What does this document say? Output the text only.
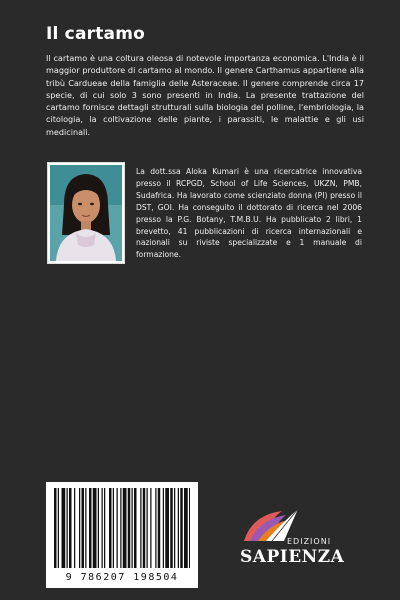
Il cartamo
Il cartamo è una coltura oleosa di notevole importanza economica. L'India è il maggior produttore di cartamo al mondo. Il genere Carthamus appartiene alla tribù Cardueae della famiglia delle Asteraceae. Il genere comprende circa 17 specie, di cui solo 3 sono presenti in India. La presente trattazione del cartamo fornisce dettagli strutturali sulla biologia del polline, l'embriologia, la citologia, la coltivazione delle piante, i parassiti, le malattie e gli usi medicinali.
La dott.ssa Aloka Kumari è una ricercatrice innovativa presso il RCPGD, School of Life Sciences, UKZN, PMB, Sudafrica. Ha lavorato come scienziato donna (PI) presso il DST, GOI. Ha conseguito il dottorato di ricerca nel 2006 presso la P.G. Botany, T.M.B.U. Ha pubblicato 2 libri, 1 brevetto, 41 pubblicazioni di ricerca internazionali e nazionali su riviste specializzate e 1 manuale di formazione.
9 786207 198504
EDIZIONI
SAPIENZA
